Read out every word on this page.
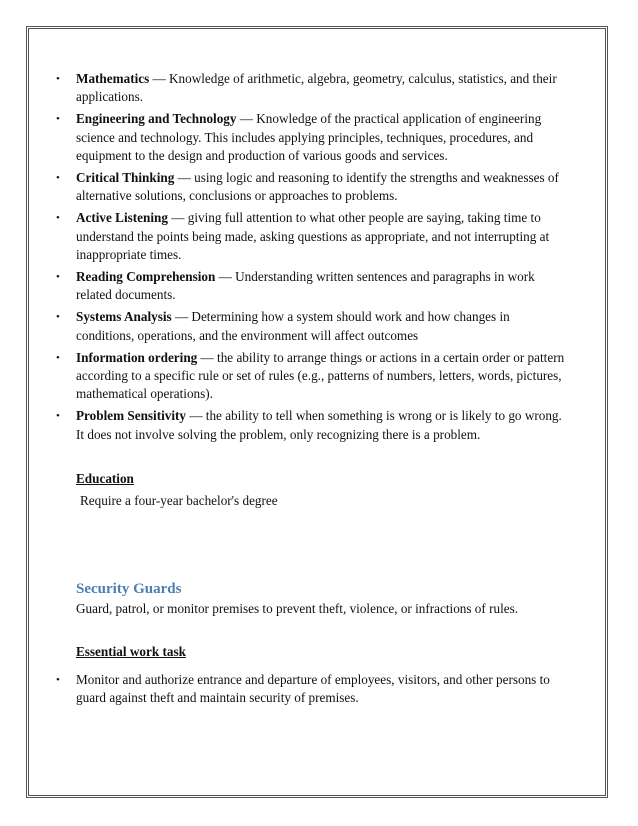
• Mathematics — Knowledge of arithmetic, algebra, geometry, calculus, statistics, and their applications.
• Engineering and Technology — Knowledge of the practical application of engineering science and technology. This includes applying principles, techniques, procedures, and equipment to the design and production of various goods and services.
• Critical Thinking — using logic and reasoning to identify the strengths and weaknesses of alternative solutions, conclusions or approaches to problems.
• Active Listening — giving full attention to what other people are saying, taking time to understand the points being made, asking questions as appropriate, and not interrupting at inappropriate times.
• Reading Comprehension — Understanding written sentences and paragraphs in work related documents.
• Systems Analysis — Determining how a system should work and how changes in conditions, operations, and the environment will affect outcomes
• Information ordering — the ability to arrange things or actions in a certain order or pattern according to a specific rule or set of rules (e.g., patterns of numbers, letters, words, pictures, mathematical operations).
• Problem Sensitivity — the ability to tell when something is wrong or is likely to go wrong. It does not involve solving the problem, only recognizing there is a problem.
Education
Require a four-year bachelor's degree
Security Guards
Guard, patrol, or monitor premises to prevent theft, violence, or infractions of rules.
Essential work task
• Monitor and authorize entrance and departure of employees, visitors, and other persons to guard against theft and maintain security of premises.
